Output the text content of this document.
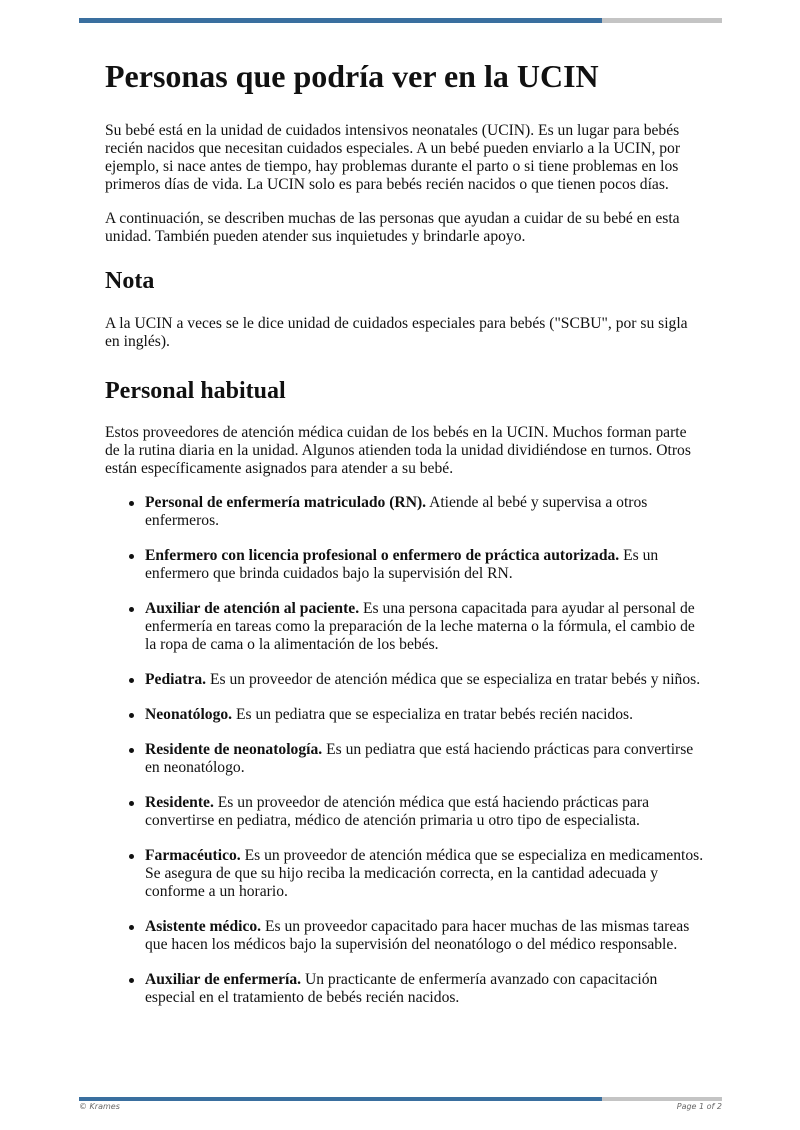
Personas que podría ver en la UCIN

Su bebé está en la unidad de cuidados intensivos neonatales (UCIN). Es un lugar para bebés recién nacidos que necesitan cuidados especiales. A un bebé pueden enviarlo a la UCIN, por ejemplo, si nace antes de tiempo, hay problemas durante el parto o si tiene problemas en los primeros días de vida. La UCIN solo es para bebés recién nacidos o que tienen pocos días.

A continuación, se describen muchas de las personas que ayudan a cuidar de su bebé en esta unidad. También pueden atender sus inquietudes y brindarle apoyo.

Nota

A la UCIN a veces se le dice unidad de cuidados especiales para bebés ("SCBU", por su sigla en inglés).

Personal habitual

Estos proveedores de atención médica cuidan de los bebés en la UCIN. Muchos forman parte de la rutina diaria en la unidad. Algunos atienden toda la unidad dividiéndose en turnos. Otros están específicamente asignados para atender a su bebé.

Personal de enfermería matriculado (RN). Atiende al bebé y supervisa a otros enfermeros.
Enfermero con licencia profesional o enfermero de práctica autorizada. Es un enfermero que brinda cuidados bajo la supervisión del RN.
Auxiliar de atención al paciente. Es una persona capacitada para ayudar al personal de enfermería en tareas como la preparación de la leche materna o la fórmula, el cambio de la ropa de cama o la alimentación de los bebés.
Pediatra. Es un proveedor de atención médica que se especializa en tratar bebés y niños.
Neonatólogo. Es un pediatra que se especializa en tratar bebés recién nacidos.
Residente de neonatología. Es un pediatra que está haciendo prácticas para convertirse en neonatólogo.
Residente. Es un proveedor de atención médica que está haciendo prácticas para convertirse en pediatra, médico de atención primaria u otro tipo de especialista.
Farmacéutico. Es un proveedor de atención médica que se especializa en medicamentos. Se asegura de que su hijo reciba la medicación correcta, en la cantidad adecuada y conforme a un horario.
Asistente médico. Es un proveedor capacitado para hacer muchas de las mismas tareas que hacen los médicos bajo la supervisión del neonatólogo o del médico responsable.
Auxiliar de enfermería. Un practicante de enfermería avanzado con capacitación especial en el tratamiento de bebés recién nacidos.
© Krames	Page 1 of 2
